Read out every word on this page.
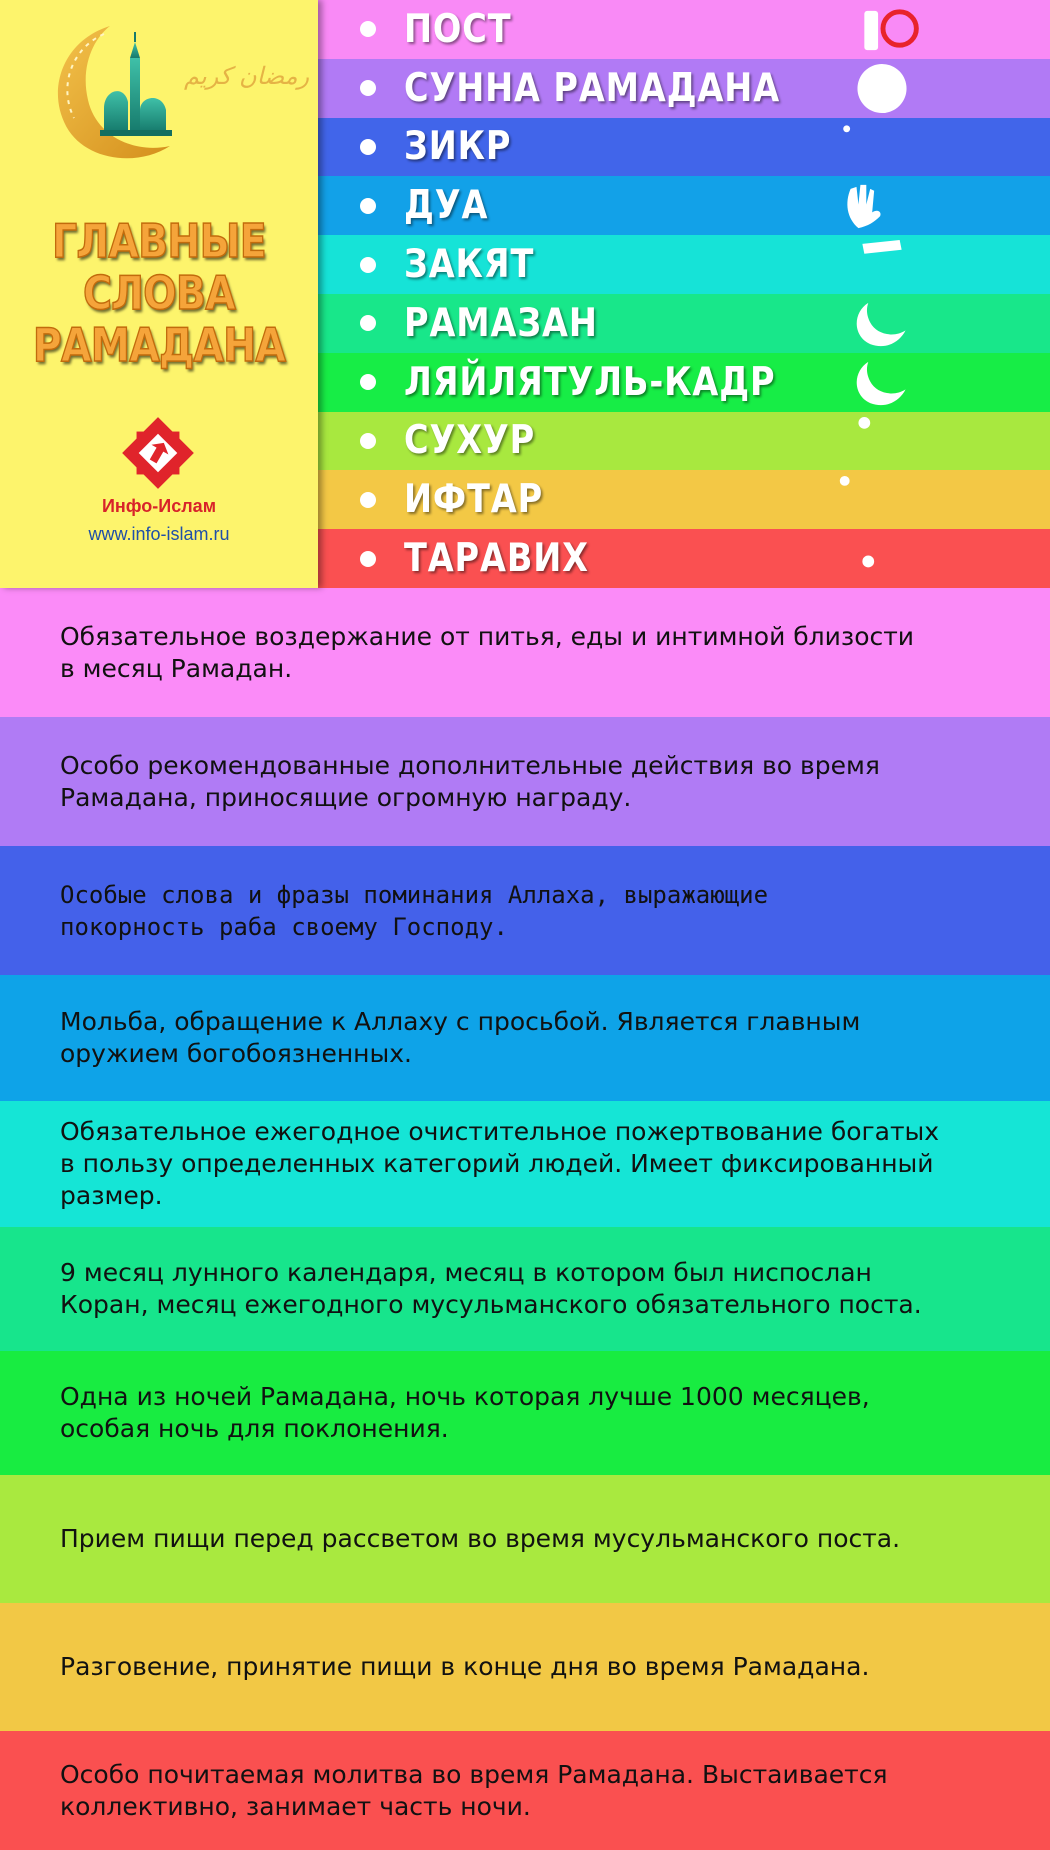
ПОСТ
СУННА РАМАДАНА
ЗИКР
ДУА
ЗАКЯТ
РАМАЗАН
ЛЯЙЛЯТУЛЬ-КАДР
СУХУР
ИФТАР
ТАРАВИХ
رمضان كريم
ГЛАВНЫЕ
СЛОВА
РАМАДАНА
Инфо-Ислам
www.info-islam.ru
Обязательное воздержание от питья, еды и интимной близости
в месяц Рамадан.
Особо рекомендованные дополнительные действия во время
Рамадана, приносящие огромную награду.
Особые слова и фразы поминания Аллаха, выражающие
покорность раба своему Господу.
Мольба, обращение к Аллаху с просьбой. Является главным
оружием богобоязненных.
Обязательное ежегодное очистительное пожертвование богатых
в пользу определенных категорий людей. Имеет фиксированный
размер.
9 месяц лунного календаря, месяц в котором был ниспослан
Коран, месяц ежегодного мусульманского обязательного поста.
Одна из ночей Рамадана, ночь которая лучше 1000 месяцев,
особая ночь для поклонения.
Прием пищи перед рассветом во время мусульманского поста.
Разговение, принятие пищи в конце дня во время Рамадана.
Особо почитаемая молитва во время Рамадана. Выстаивается
коллективно, занимает часть ночи.
